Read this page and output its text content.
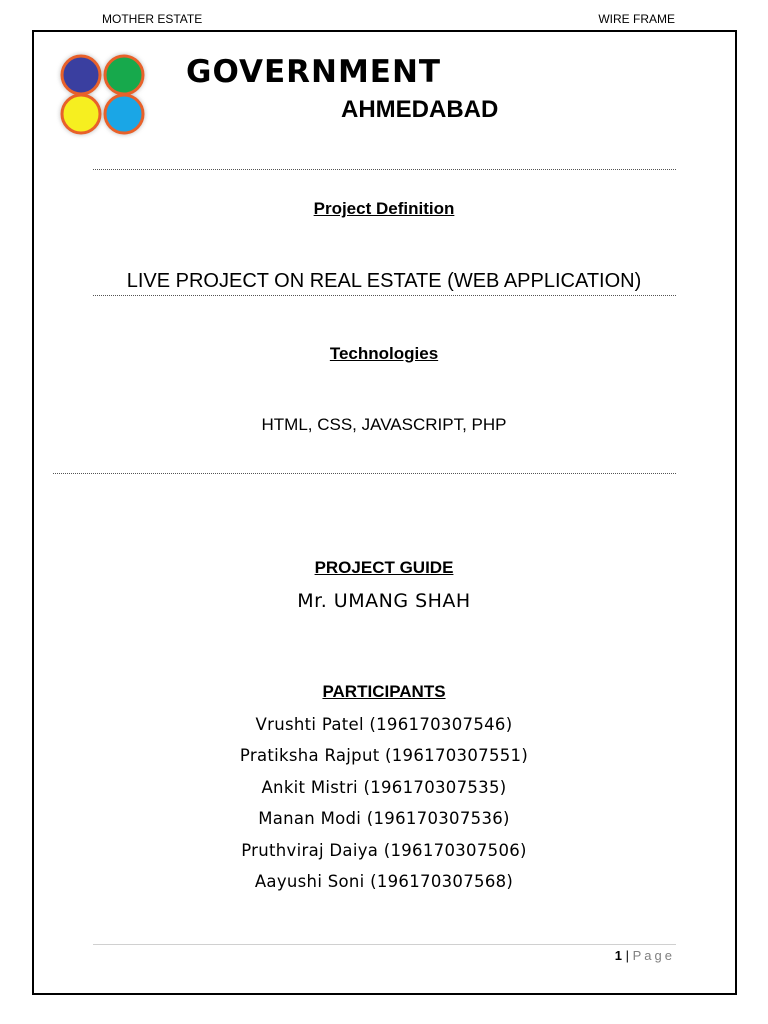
MOTHER ESTATE	WIRE FRAME
GOVERNMENT
AHMEDABAD
Project Definition
LIVE PROJECT ON REAL ESTATE (WEB APPLICATION)
Technologies
HTML, CSS, JAVASCRIPT, PHP
PROJECT GUIDE
Mr. UMANG SHAH
PARTICIPANTS
Vrushti Patel (196170307546)
Pratiksha Rajput (196170307551)
Ankit Mistri (196170307535)
Manan Modi (196170307536)
Pruthviraj Daiya (196170307506)
Aayushi Soni (196170307568)
1 | Page
